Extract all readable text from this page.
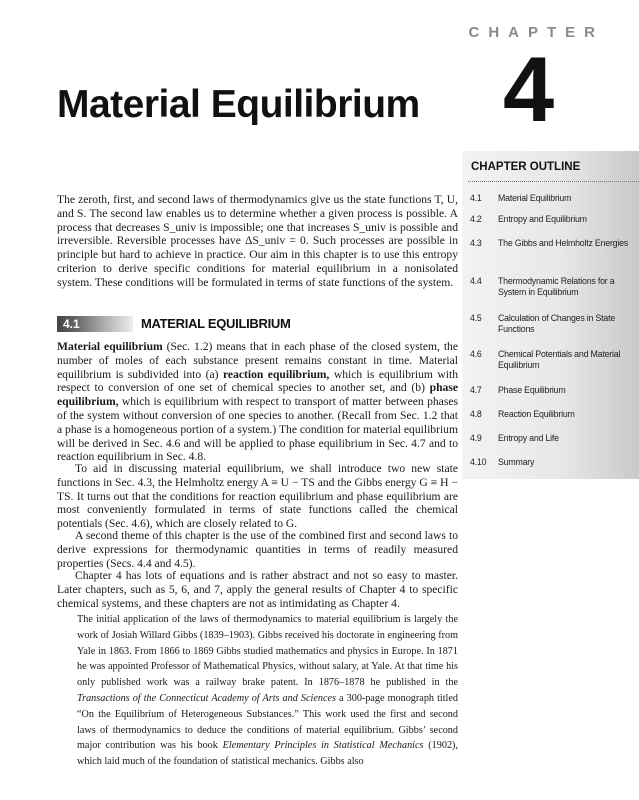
CHAPTER
4
Material Equilibrium
CHAPTER OUTLINE
4.1 Material Equilibrium
4.2 Entropy and Equilibrium
4.3 The Gibbs and Helmholtz Energies
4.4 Thermodynamic Relations for a System in Equilibrium
4.5 Calculation of Changes in State Functions
4.6 Chemical Potentials and Material Equilibrium
4.7 Phase Equilibrium
4.8 Reaction Equilibrium
4.9 Entropy and Life
4.10 Summary

The zeroth, first, and second laws of thermodynamics give us the state functions T, U, and S. The second law enables us to determine whether a given process is possible. A process that decreases S_univ is impossible; one that increases S_univ is possible and irreversible. Reversible processes have ΔS_univ = 0. Such processes are possible in principle but hard to achieve in practice. Our aim in this chapter is to use this entropy criterion to derive specific conditions for material equilibrium in a nonisolated system. These conditions will be formulated in terms of state functions of the system.

4.1	MATERIAL EQUILIBRIUM

Material equilibrium (Sec. 1.2) means that in each phase of the closed system, the number of moles of each substance present remains constant in time. Material equilibrium is subdivided into (a) reaction equilibrium, which is equilibrium with respect to conversion of one set of chemical species to another set, and (b) phase equilibrium, which is equilibrium with respect to transport of matter between phases of the system without conversion of one species to another. (Recall from Sec. 1.2 that a phase is a homogeneous portion of a system.) The condition for material equilibrium will be derived in Sec. 4.6 and will be applied to phase equilibrium in Sec. 4.7 and to reaction equilibrium in Sec. 4.8.

To aid in discussing material equilibrium, we shall introduce two new state functions in Sec. 4.3, the Helmholtz energy A ≡ U − TS and the Gibbs energy G ≡ H − TS. It turns out that the conditions for reaction equilibrium and phase equilibrium are most conveniently formulated in terms of state functions called the chemical potentials (Sec. 4.6), which are closely related to G.

A second theme of this chapter is the use of the combined first and second laws to derive expressions for thermodynamic quantities in terms of readily measured properties (Secs. 4.4 and 4.5).

Chapter 4 has lots of equations and is rather abstract and not so easy to master. Later chapters, such as 5, 6, and 7, apply the general results of Chapter 4 to specific chemical systems, and these chapters are not as intimidating as Chapter 4.

The initial application of the laws of thermodynamics to material equilibrium is largely the work of Josiah Willard Gibbs (1839–1903). Gibbs received his doctorate in engineering from Yale in 1863. From 1866 to 1869 Gibbs studied mathematics and physics in Europe. In 1871 he was appointed Professor of Mathematical Physics, without salary, at Yale. At that time his only published work was a railway brake patent. In 1876–1878 he published in the Transactions of the Connecticut Academy of Arts and Sciences a 300-page monograph titled “On the Equilibrium of Heterogeneous Substances.” This work used the first and second laws of thermodynamics to deduce the conditions of material equilibrium. Gibbs’ second major contribution was his book Elementary Principles in Statistical Mechanics (1902), which laid much of the foundation of statistical mechanics. Gibbs also
